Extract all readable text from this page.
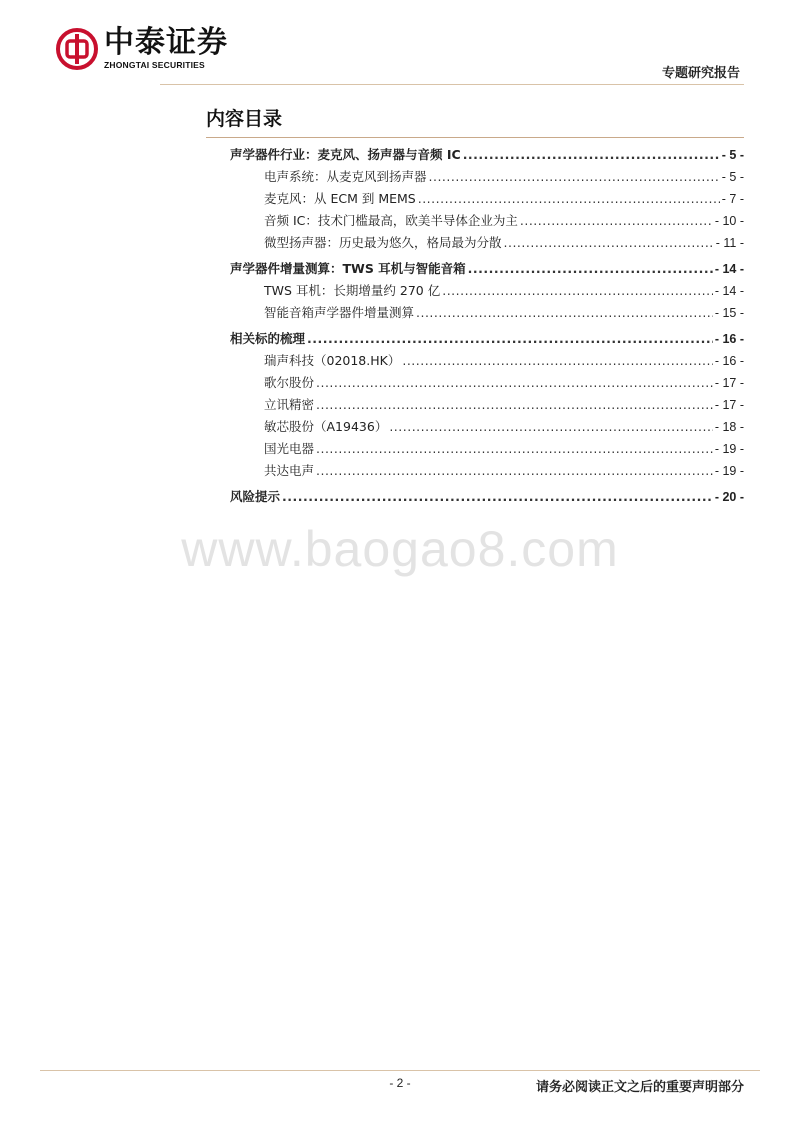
中泰证券
ZHONGTAI SECURITIES
专题研究报告
内容目录
声学器件行业：麦克风、扬声器与音频 IC .....	- 5 -
电声系统：从麦克风到扬声器 .....	- 5 -
麦克风：从 ECM 到 MEMS .....	- 7 -
音频 IC：技术门槛最高，欧美半导体企业为主 .....	- 10 -
微型扬声器：历史最为悠久，格局最为分散 .....	- 11 -
声学器件增量测算：TWS 耳机与智能音箱 .....	- 14 -
TWS 耳机：长期增量约 270 亿 .....	- 14 -
智能音箱声学器件增量测算 .....	- 15 -
相关标的梳理 .....	- 16 -
瑞声科技（02018.HK） .....	- 16 -
歌尔股份 .....	- 17 -
立讯精密 .....	- 17 -
敏芯股份（A19436） .....	- 18 -
国光电器 .....	- 19 -
共达电声 .....	- 19 -
风险提示 .....	- 20 -
www.baogao8.com
- 2 -	请务必阅读正文之后的重要声明部分
